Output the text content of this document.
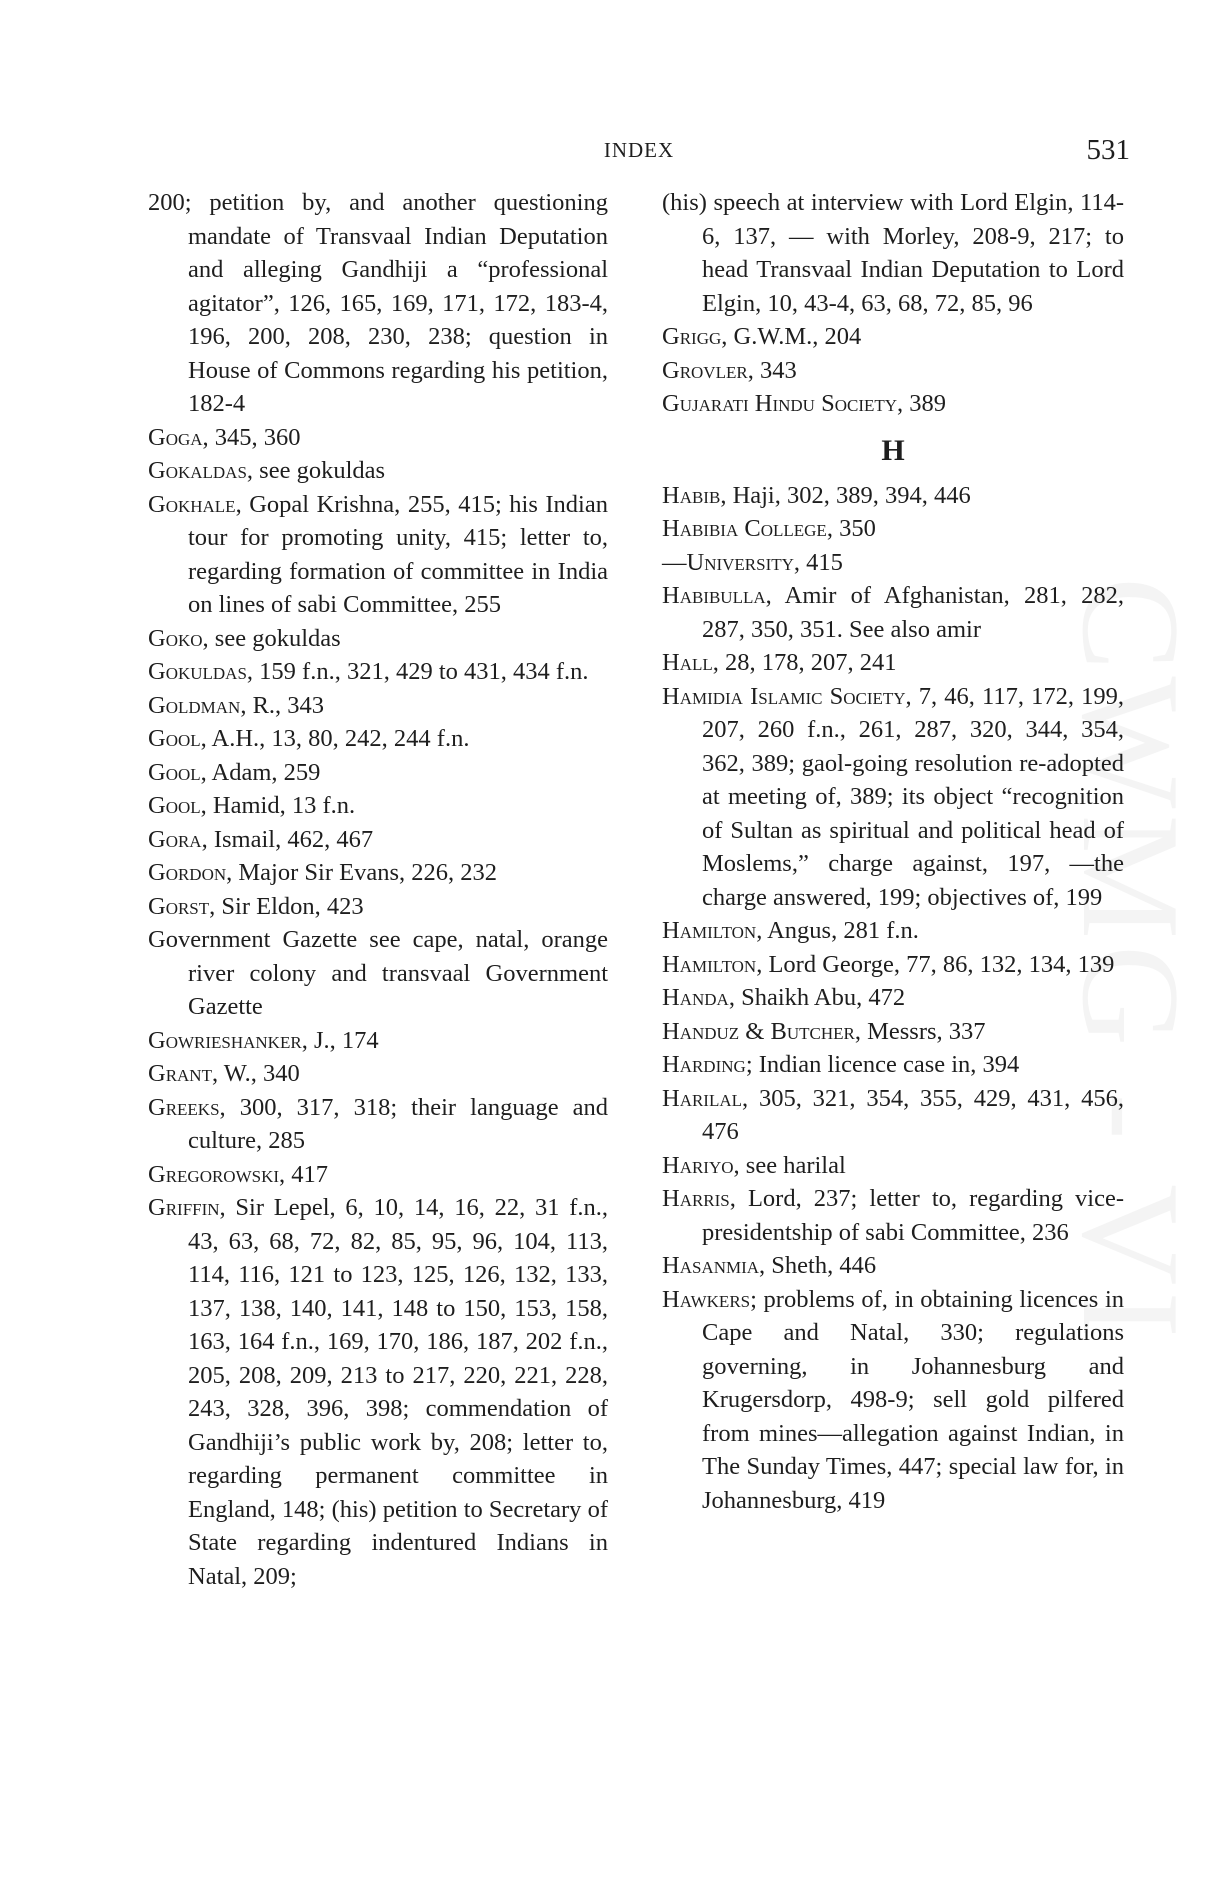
INDEX	531

200; petition by, and another questioning mandate of Transvaal Indian Deputation and alleging Gandhiji a “professional agitator”, 126, 165, 169, 171, 172, 183-4, 196, 200, 208, 230, 238; question in House of Commons regarding his petition, 182-4

Goga, 345, 360

Gokaldas, see gokuldas

Gokhale, Gopal Krishna, 255, 415; his Indian tour for promoting unity, 415; letter to, regarding formation of committee in India on lines of sabi Committee, 255

Goko, see gokuldas

Gokuldas, 159 f.n., 321, 429 to 431, 434 f.n.

Goldman, R., 343

Gool, A.H., 13, 80, 242, 244 f.n.

Gool, Adam, 259

Gool, Hamid, 13 f.n.

Gora, Ismail, 462, 467

Gordon, Major Sir Evans, 226, 232

Gorst, Sir Eldon, 423

Government Gazette see cape, natal, orange river colony and transvaal Government Gazette

Gowrieshanker, J., 174

Grant, W., 340

Greeks, 300, 317, 318; their language and culture, 285

Gregorowski, 417

Griffin, Sir Lepel, 6, 10, 14, 16, 22, 31 f.n., 43, 63, 68, 72, 82, 85, 95, 96, 104, 113, 114, 116, 121 to 123, 125, 126, 132, 133, 137, 138, 140, 141, 148 to 150, 153, 158, 163, 164 f.n., 169, 170, 186, 187, 202 f.n., 205, 208, 209, 213 to 217, 220, 221, 228, 243, 328, 396, 398; commendation of Gandhiji’s public work by, 208; letter to, regarding permanent committee in England, 148; (his) petition to Secretary of State regarding indentured Indians in Natal, 209;

(his) speech at interview with Lord Elgin, 114-6, 137, — with Morley, 208-9, 217; to head Transvaal Indian Deputation to Lord Elgin, 10, 43-4, 63, 68, 72, 85, 96

Grigg, G.W.M., 204

Grovler, 343

Gujarati Hindu Society, 389

H

Habib, Haji, 302, 389, 394, 446

Habibia College, 350

—University, 415

Habibulla, Amir of Afghanistan, 281, 282, 287, 350, 351. See also amir

Hall, 28, 178, 207, 241

Hamidia Islamic Society, 7, 46, 117, 172, 199, 207, 260 f.n., 261, 287, 320, 344, 354, 362, 389; gaol-going resolution re-adopted at meeting of, 389; its object “recognition of Sultan as spiritual and political head of Moslems,” charge against, 197, —the charge answered, 199; objectives of, 199

Hamilton, Angus, 281 f.n.

Hamilton, Lord George, 77, 86, 132, 134, 139

Handa, Shaikh Abu, 472

Handuz & Butcher, Messrs, 337

Harding; Indian licence case in, 394

Harilal, 305, 321, 354, 355, 429, 431, 456, 476

Hariyo, see harilal

Harris, Lord, 237; letter to, regarding vice-presidentship of sabi Committee, 236

Hasanmia, Sheth, 446

Hawkers; problems of, in obtaining licences in Cape and Natal, 330; regulations governing, in Johannesburg and Krugersdorp, 498-9; sell gold pilfered from mines—allegation against Indian, in The Sunday Times, 447; special law for, in Johannesburg, 419
